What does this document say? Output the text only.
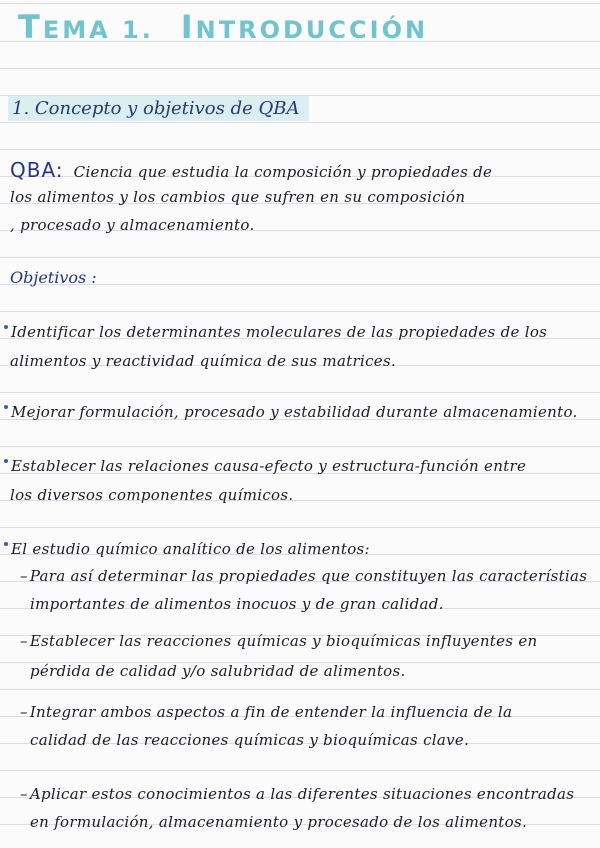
TEMA 1. INTRODUCCIÓN
1. Concepto y objetivos de QBA
QBA: Ciencia que estudia la composición y propiedades de
los alimentos y los cambios que sufren en su composición
, procesado y almacenamiento.
Objetivos :
Identificar los determinantes moleculares de las propiedades de los
alimentos y reactividad química de sus matrices.
Mejorar formulación, procesado y estabilidad durante almacenamiento.
Establecer las relaciones causa-efecto y estructura-función entre
los diversos componentes químicos.
El estudio químico analítico de los alimentos:
– Para así determinar las propiedades que constituyen las característias
importantes de alimentos inocuos y de gran calidad.
– Establecer las reacciones químicas y bioquímicas influyentes en
pérdida de calidad y/o salubridad de alimentos.
– Integrar ambos aspectos a fin de entender la influencia de la
calidad de las reacciones químicas y bioquímicas clave.
– Aplicar estos conocimientos a las diferentes situaciones encontradas
en formulación, almacenamiento y procesado de los alimentos.
